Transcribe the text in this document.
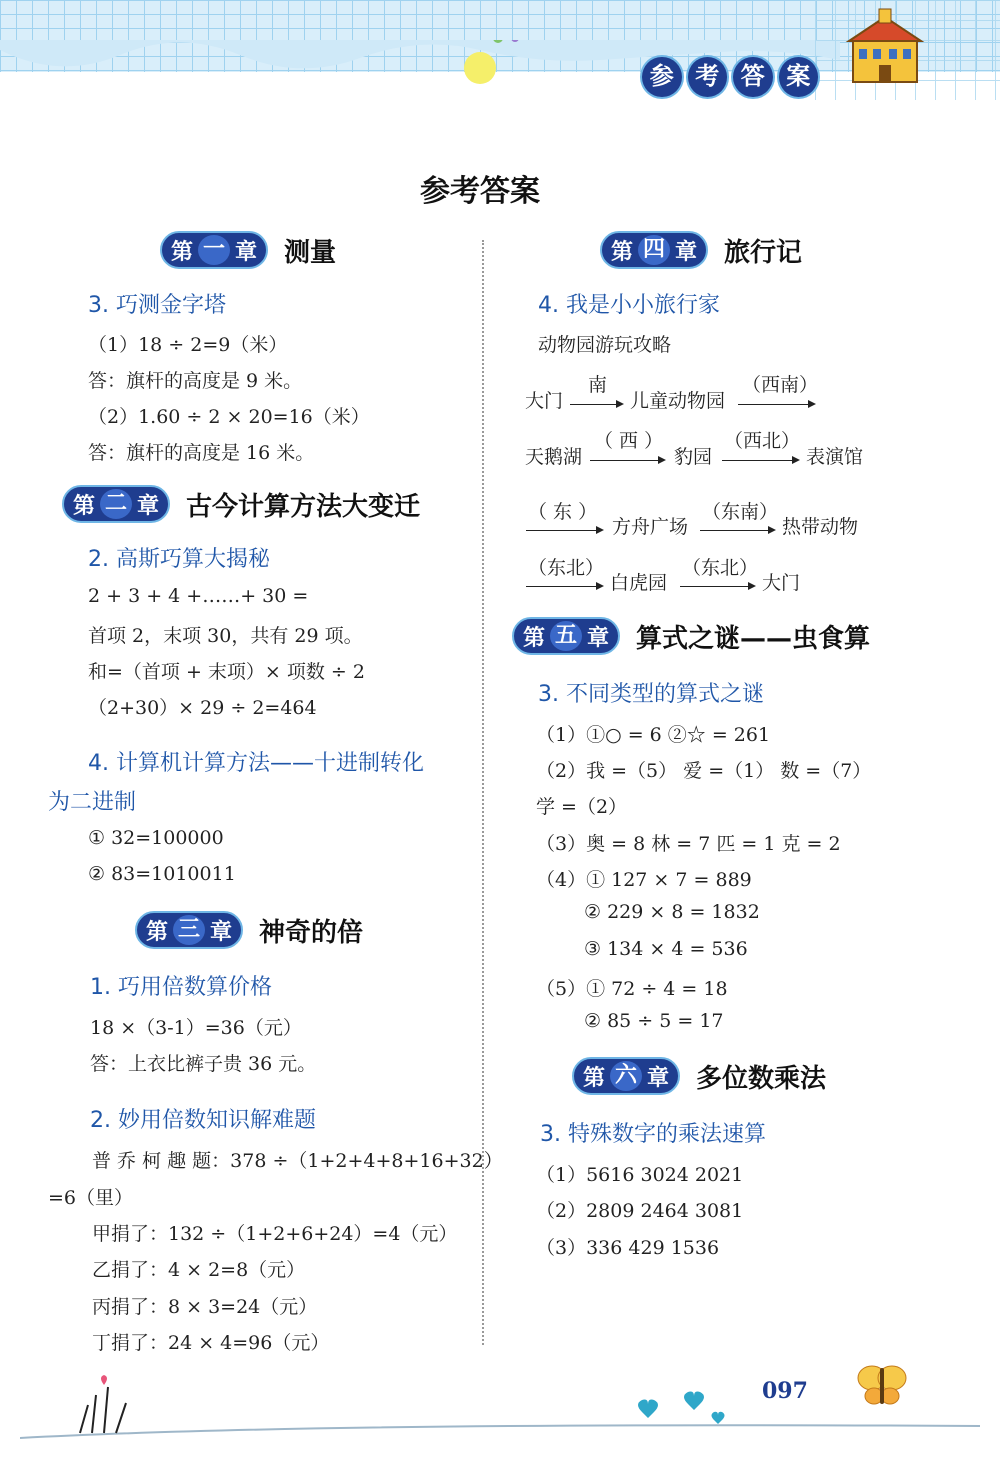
参 考 答 案
参考答案
第 一 章 测量
3. 巧测金字塔
（1）18 ÷ 2=9（米）
答：旗杆的高度是 9 米。
（2）1.60 ÷ 2 × 20=16（米）
答：旗杆的高度是 16 米。
第 二 章 古今计算方法大变迁
2. 高斯巧算大揭秘
2 + 3 + 4 +……+ 30 =
首项 2，末项 30，共有 29 项。
和=（首项 + 末项）× 项数 ÷ 2
（2+30）× 29 ÷ 2=464
4. 计算机计算方法——十进制转化
为二进制
① 32=100000
② 83=1010011
第 三 章 神奇的倍
1. 巧用倍数算价格
18 ×（3-1）=36（元）
答：上衣比裤子贵 36 元。
2. 妙用倍数知识解难题
普 乔 柯 趣 题：378 ÷（1+2+4+8+16+32）
=6（里）
甲捐了：132 ÷（1+2+6+24）=4（元）
乙捐了：4 × 2=8（元）
丙捐了：8 × 3=24（元）
丁捐了：24 × 4=96（元）
第 四 章 旅行记
4. 我是小小旅行家
动物园游玩攻略
大门
南
儿童动物园
（西南）
天鹅湖
（ 西 ）
豹园
（西北）
表演馆
（ 东 ）
方舟广场
（东南）
热带动物
（东北）
白虎园
（东北）
大门
第 五 章 算式之谜——虫食算
3. 不同类型的算式之谜
（1）①○ = 6 ②☆ = 261
（2）我 =（5） 爱 =（1） 数 =（7）
学 =（2）
（3）奥 = 8 林 = 7 匹 = 1 克 = 2
（4）① 127 × 7 = 889
② 229 × 8 = 1832
③ 134 × 4 = 536
（5）① 72 ÷ 4 = 18
② 85 ÷ 5 = 17
第 六 章 多位数乘法
3. 特殊数字的乘法速算
（1）5616 3024 2021
（2）2809 2464 3081
（3）336 429 1536
097
